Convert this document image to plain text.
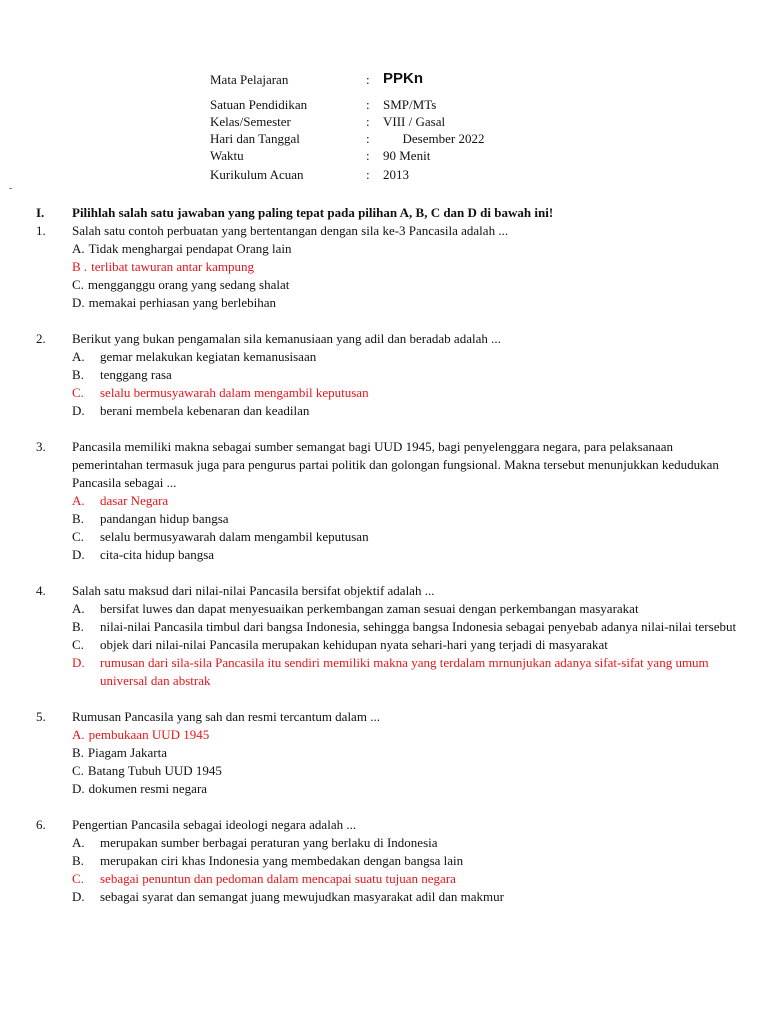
-
Mata Pelajaran	: PPKn
Satuan Pendidikan	: SMP/MTs
Kelas/Semester	: VIII / Gasal
Hari dan Tanggal	: Desember 2022
Waktu	: 90 Menit
Kurikulum Acuan	: 2013
I.	Pilihlah salah satu jawaban yang paling tepat pada pilihan A, B, C dan D di bawah ini!
1.	Salah satu contoh perbuatan yang bertentangan dengan sila ke-3 Pancasila adalah ...
A. Tidak menghargai pendapat Orang lain
B . terlibat tawuran antar kampung
C. mengganggu orang yang sedang shalat
D. memakai perhiasan yang berlebihan
2.	Berikut yang bukan pengamalan sila kemanusiaan yang adil dan beradab adalah ...
A.	gemar melakukan kegiatan kemanusisaan
B.	tenggang rasa
C.	selalu bermusyawarah dalam mengambil keputusan
D.	berani membela kebenaran dan keadilan
3.	Pancasila memiliki makna sebagai sumber semangat bagi UUD 1945, bagi penyelenggara negara, para pelaksanaan pemerintahan termasuk juga para pengurus partai politik dan golongan fungsional. Makna tersebut menunjukkan kedudukan Pancasila sebagai ...
A.	dasar Negara
B.	pandangan hidup bangsa
C.	selalu bermusyawarah dalam mengambil keputusan
D.	cita-cita hidup bangsa
4.	Salah satu maksud dari nilai-nilai Pancasila bersifat objektif adalah ...
A.	bersifat luwes dan dapat menyesuaikan perkembangan zaman sesuai dengan perkembangan masyarakat
B.	nilai-nilai Pancasila timbul dari bangsa Indonesia, sehingga bangsa Indonesia sebagai penyebab adanya nilai-nilai tersebut
C.	objek dari nilai-nilai Pancasila merupakan kehidupan nyata sehari-hari yang terjadi di masyarakat
D.	rumusan dari sila-sila Pancasila itu sendiri memiliki makna yang terdalam mrnunjukan adanya sifat-sifat yang umum universal dan abstrak
5.	Rumusan Pancasila yang sah dan resmi tercantum dalam ...
A. pembukaan UUD 1945
B. Piagam Jakarta
C. Batang Tubuh UUD 1945
D. dokumen resmi negara
6.	Pengertian Pancasila sebagai ideologi negara adalah ...
A.	merupakan sumber berbagai peraturan yang berlaku di Indonesia
B.	merupakan ciri khas Indonesia yang membedakan dengan bangsa lain
C.	sebagai penuntun dan pedoman dalam mencapai suatu tujuan negara
D.	sebagai syarat dan semangat juang mewujudkan masyarakat adil dan makmur
